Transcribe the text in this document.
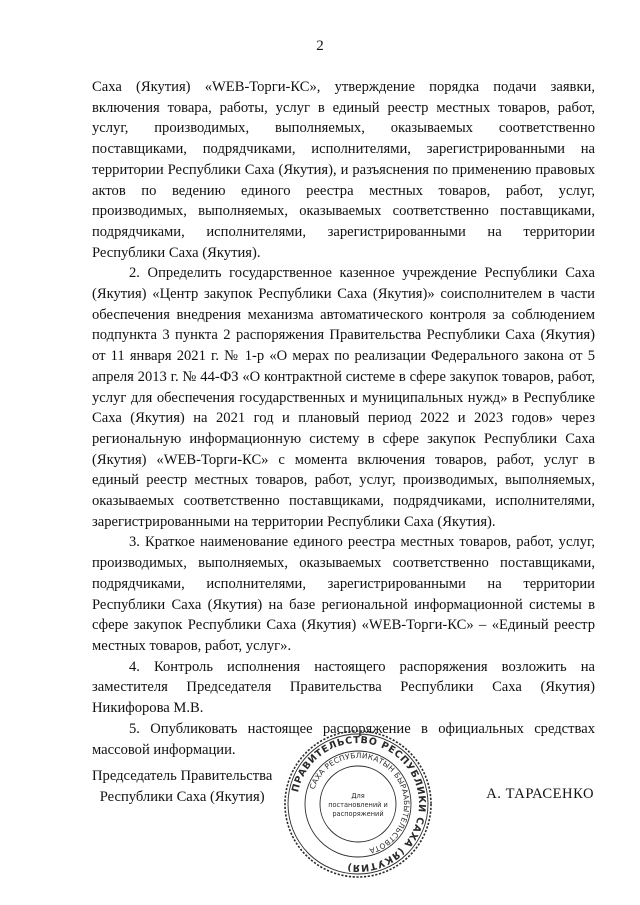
2

Саха (Якутия) «WEB-Торги-КС», утверждение порядка подачи заявки, включения товара, работы, услуг в единый реестр местных товаров, работ, услуг, производимых, выполняемых, оказываемых соответственно поставщиками, подрядчиками, исполнителями, зарегистрированными на территории Республики Саха (Якутия), и разъяснения по применению правовых актов по ведению единого реестра местных товаров, работ, услуг, производимых, выполняемых, оказываемых соответственно поставщиками, подрядчиками, исполнителями, зарегистрированными на территории Республики Саха (Якутия).

2. Определить государственное казенное учреждение Республики Саха (Якутия) «Центр закупок Республики Саха (Якутия)» соисполнителем в части обеспечения внедрения механизма автоматического контроля за соблюдением подпункта 3 пункта 2 распоряжения Правительства Республики Саха (Якутия) от 11 января 2021 г. № 1-р «О мерах по реализации Федерального закона от 5 апреля 2013 г. № 44-ФЗ «О контрактной системе в сфере закупок товаров, работ, услуг для обеспечения государственных и муниципальных нужд» в Республике Саха (Якутия) на 2021 год и плановый период 2022 и 2023 годов» через региональную информационную систему в сфере закупок Республики Саха (Якутия) «WEB-Торги-КС» с момента включения товаров, работ, услуг в единый реестр местных товаров, работ, услуг, производимых, выполняемых, оказываемых соответственно поставщиками, подрядчиками, исполнителями, зарегистрированными на территории Республики Саха (Якутия).

3. Краткое наименование единого реестра местных товаров, работ, услуг, производимых, выполняемых, оказываемых соответственно поставщиками, подрядчиками, исполнителями, зарегистрированными на территории Республики Саха (Якутия) на базе региональной информационной системы в сфере закупок Республики Саха (Якутия) «WEB-Торги-КС» – «Единый реестр местных товаров, работ, услуг».

4. Контроль исполнения настоящего распоряжения возложить на заместителя Председателя Правительства Республики Саха (Якутия) Никифорова М.В.

5. Опубликовать настоящее распоряжение в официальных средствах массовой информации.

Председатель Правительства
Республики Саха (Якутия)	А. ТАРАСЕНКО
ПРАВИТЕЛЬСТВО РЕСПУБЛИКИ САХА (ЯКУТИЯ)
САХА РЕСПУБЛИКАТЫН БЫРААБЫТЕЛЬСТВОТА
Для
постановлений и
распоряжений
